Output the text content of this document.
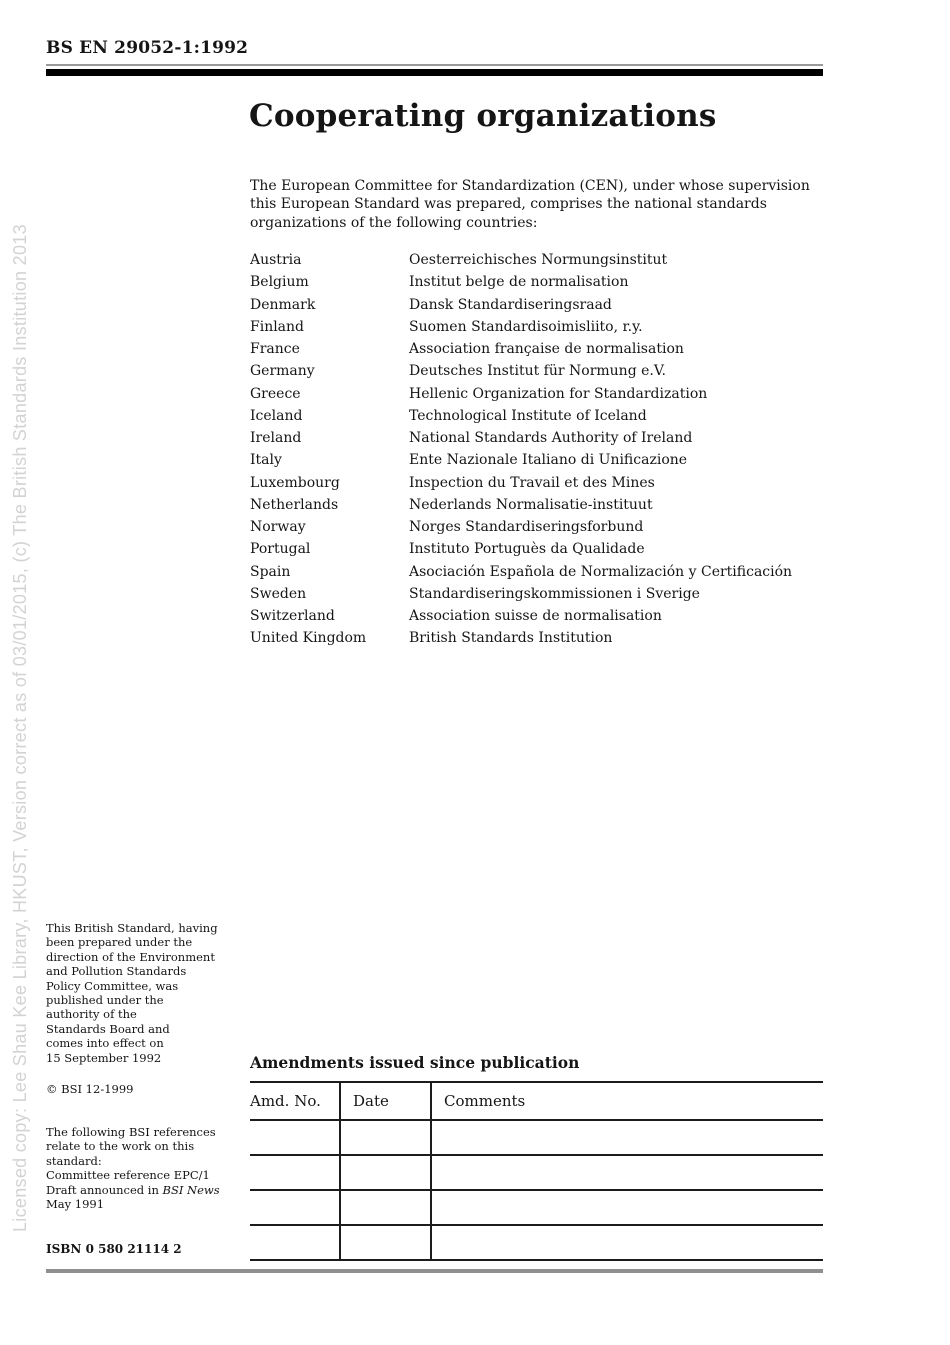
Licensed copy: Lee Shau Kee Library, HKUST, Version correct as of 03/01/2015, (c) The British Standards Institution 2013
BS EN 29052-1:1992
Cooperating organizations

The European Committee for Standardization (CEN), under whose supervision this European Standard was prepared, comprises the national standards organizations of the following countries:

Austria	Oesterreichisches Normungsinstitut
Belgium	Institut belge de normalisation
Denmark	Dansk Standardiseringsraad
Finland	Suomen Standardisoimisliito, r.y.
France	Association française de normalisation
Germany	Deutsches Institut für Normung e.V.
Greece	Hellenic Organization for Standardization
Iceland	Technological Institute of Iceland
Ireland	National Standards Authority of Ireland
Italy	Ente Nazionale Italiano di Unificazione
Luxembourg	Inspection du Travail et des Mines
Netherlands	Nederlands Normalisatie-instituut
Norway	Norges Standardiseringsforbund
Portugal	Instituto Portuguès da Qualidade
Spain	Asociación Española de Normalización y Certificación
Sweden	Standardiseringskommissionen i Sverige
Switzerland	Association suisse de normalisation
United Kingdom	British Standards Institution
This British Standard, having
been prepared under the
direction of the Environment
and Pollution Standards
Policy Committee, was
published under the
authority of the
Standards Board and
comes into effect on
15 September 1992
© BSI 12-1999
The following BSI references
relate to the work on this
standard:
Committee reference EPC/1
Draft announced in BSI News
May 1991
ISBN 0 580 21114 2
Amendments issued since publication
Amd. No.	Date	Comments
